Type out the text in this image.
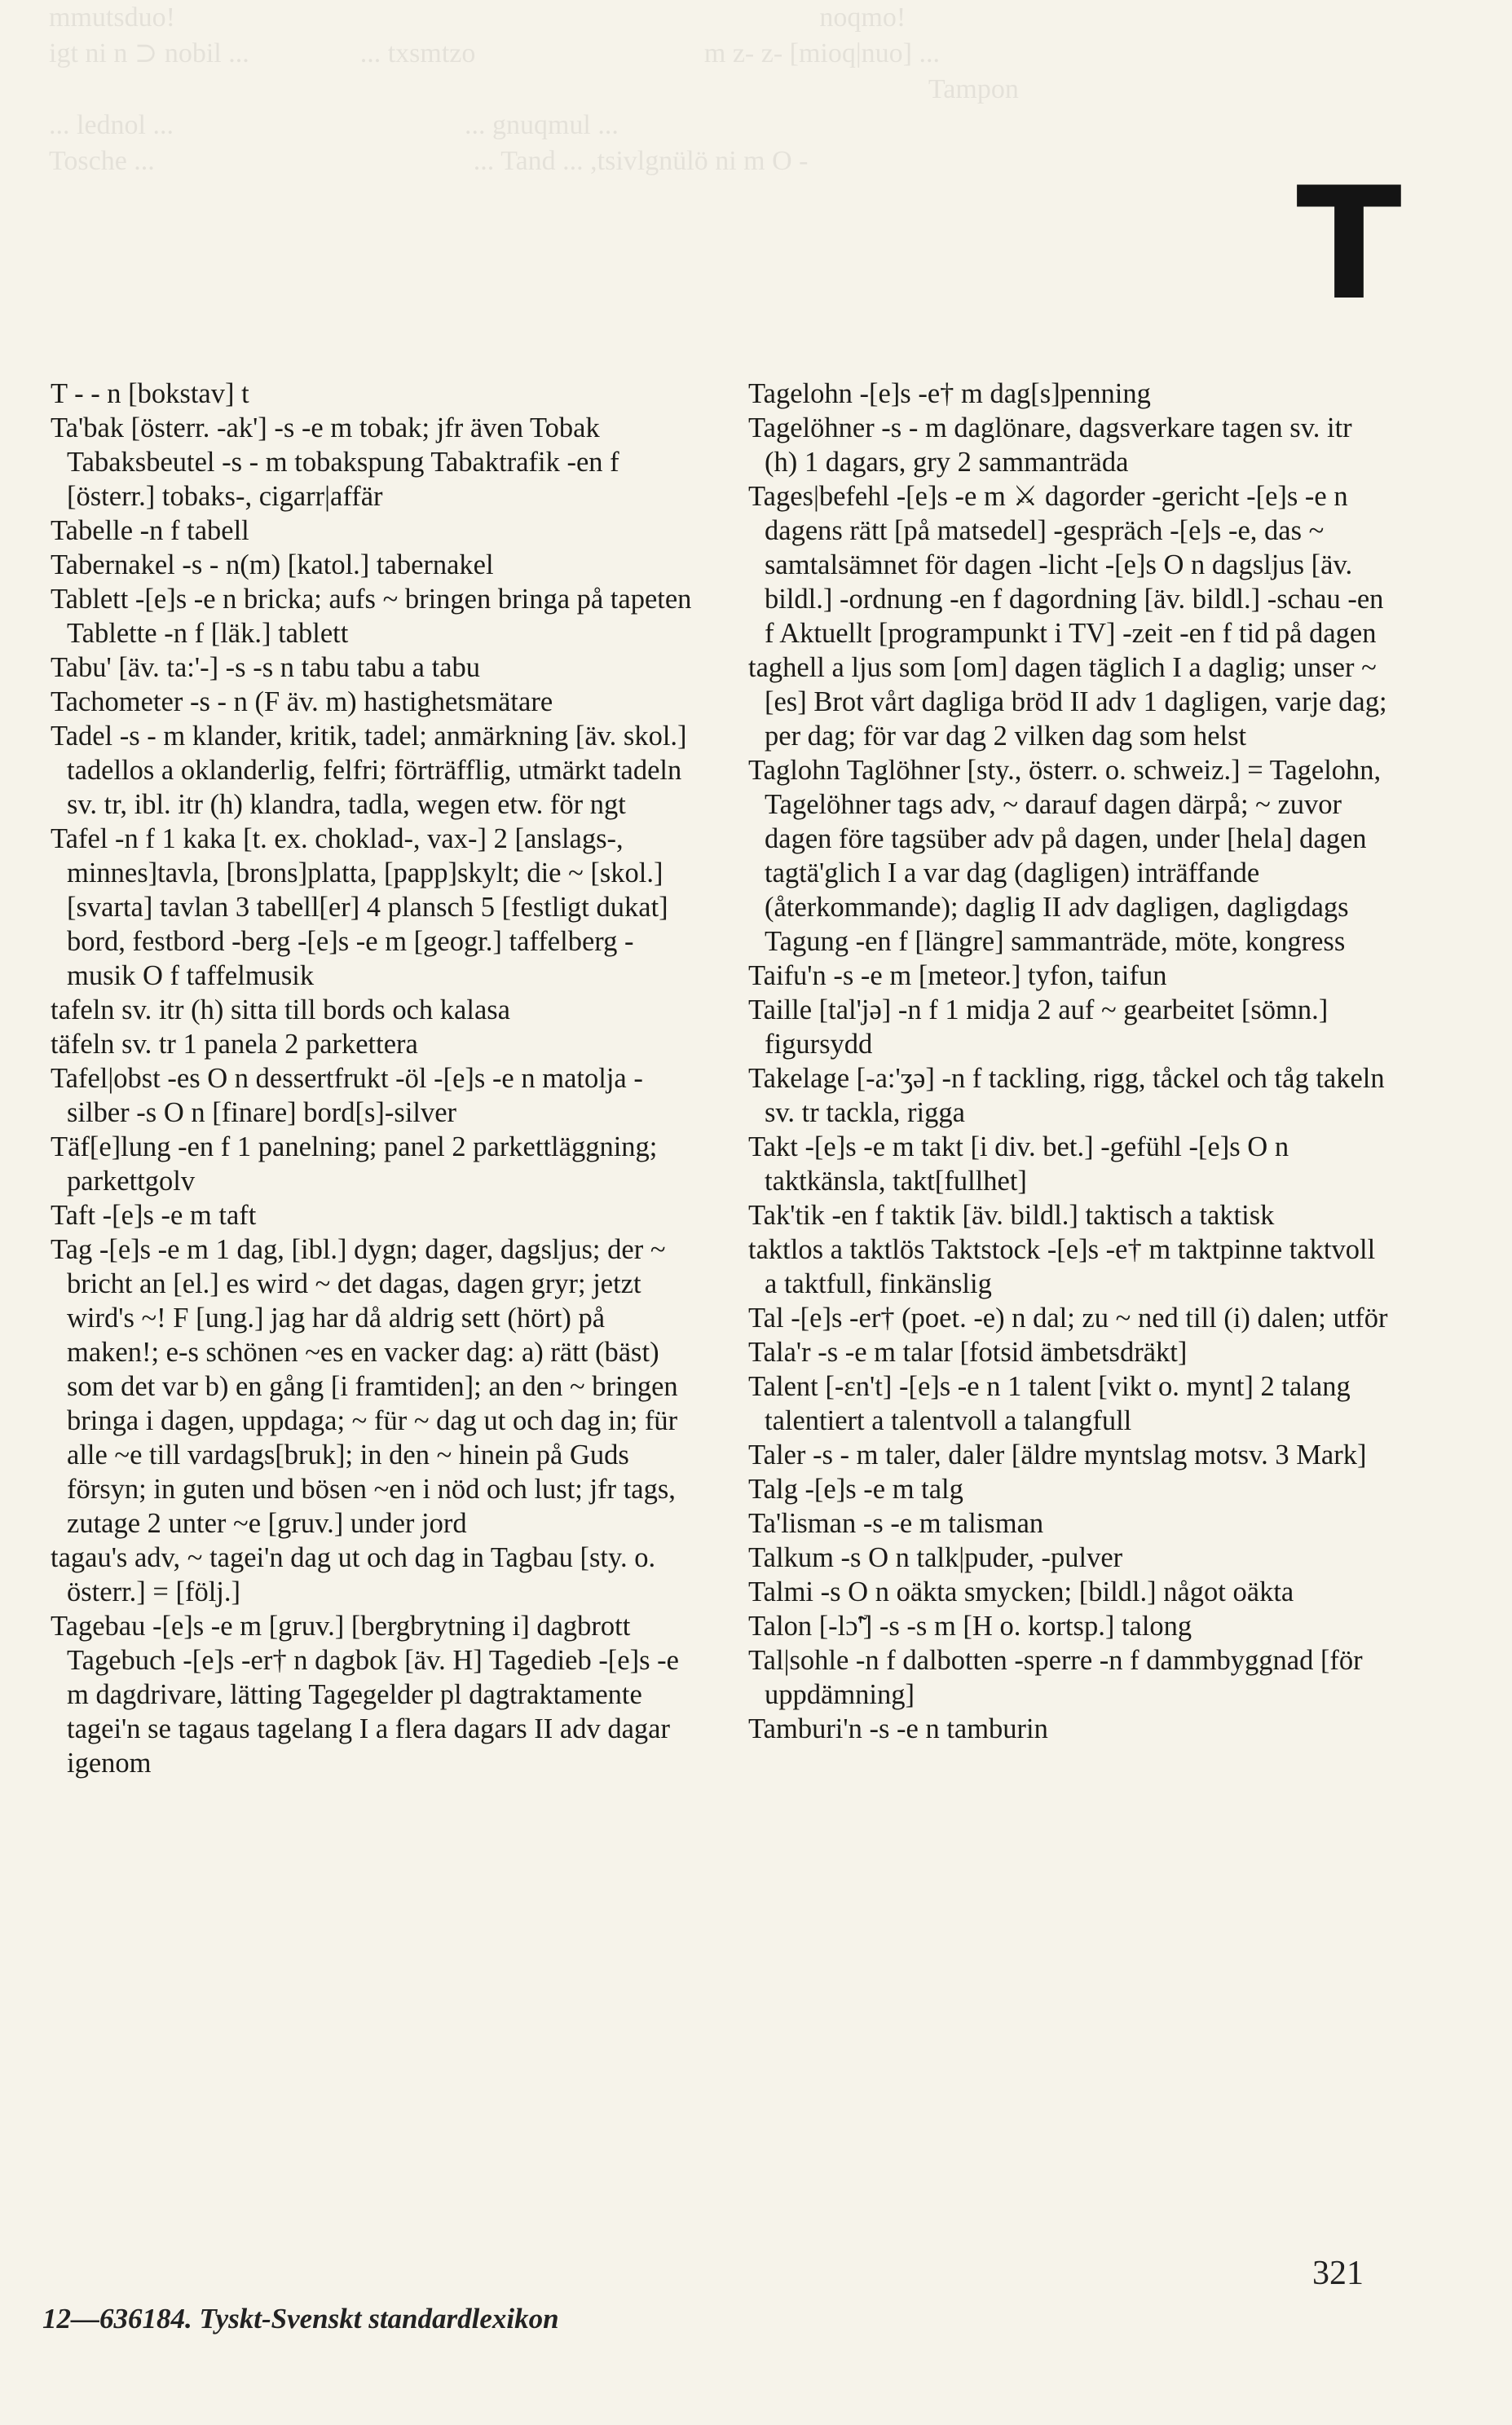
mmutsduo!                                                                                             noqmo!
igt ni n ⊃ nobil ...                ... txsmtzo                                 m z- z- [mioq|nuo] ...
Tampon
... lednol ...                                          ... gnuqmul ...
Tosche ...                                              ... Tand ... ,tsivlgnülö ni m O -	T

T - - n [bokstav] t

Ta'bak [österr. -ak'] -s -e m tobak; jfr även Tobak Tabaksbeutel -s - m tobakspung Tabaktrafik -en f [österr.] tobaks-, cigarr|affär

Tabelle -n f tabell

Tabernakel -s - n(m) [katol.] tabernakel

Tablett -[e]s -e n bricka; aufs ~ bringen bringa på tapeten Tablette -n f [läk.] tablett

Tabu' [äv. ta:'-] -s -s n tabu tabu a tabu

Tachometer -s - n (F äv. m) hastighetsmätare

Tadel -s - m klander, kritik, tadel; anmärkning [äv. skol.] tadellos a oklanderlig, felfri; förträfflig, utmärkt tadeln sv. tr, ibl. itr (h) klandra, tadla, wegen etw. för ngt

Tafel -n f 1 kaka [t. ex. choklad-, vax-] 2 [anslags-, minnes]tavla, [brons]platta, [papp]skylt; die ~ [skol.] [svarta] tavlan 3 tabell[er] 4 plansch 5 [festligt dukat] bord, festbord -berg -[e]s -e m [geogr.] taffelberg -musik O f taffelmusik

tafeln sv. itr (h) sitta till bords och kalasa

täfeln sv. tr 1 panela 2 parkettera

Tafel|obst -es O n dessertfrukt -öl -[e]s -e n matolja -silber -s O n [finare] bord[s]-silver

Täf[e]lung -en f 1 panelning; panel 2 parkettläggning; parkettgolv

Taft -[e]s -e m taft

Tag -[e]s -e m 1 dag, [ibl.] dygn; dager, dagsljus; der ~ bricht an [el.] es wird ~ det dagas, dagen gryr; jetzt wird's ~! F [ung.] jag har då aldrig sett (hört) på maken!; e-s schönen ~es en vacker dag: a) rätt (bäst) som det var b) en gång [i framtiden]; an den ~ bringen bringa i dagen, uppdaga; ~ für ~ dag ut och dag in; für alle ~e till vardags[bruk]; in den ~ hinein på Guds försyn; in guten und bösen ~en i nöd och lust; jfr tags, zutage 2 unter ~e [gruv.] under jord

tagau's adv, ~ tagei'n dag ut och dag in Tagbau [sty. o. österr.] = [följ.]

Tagebau -[e]s -e m [gruv.] [bergbrytning i] dagbrott Tagebuch -[e]s -er† n dagbok [äv. H] Tagedieb -[e]s -e m dagdrivare, lätting Tagegelder pl dagtraktamente tagei'n se tagaus tagelang I a flera dagars II adv dagar igenom

Tagelohn -[e]s -e† m dag[s]penning

Tagelöhner -s - m daglönare, dagsverkare tagen sv. itr (h) 1 dagars, gry 2 sammanträda

Tages|befehl -[e]s -e m ⚔ dagorder -gericht -[e]s -e n dagens rätt [på matsedel] -gespräch -[e]s -e, das ~ samtalsämnet för dagen -licht -[e]s O n dagsljus [äv. bildl.] -ordnung -en f dagordning [äv. bildl.] -schau -en f Aktuellt [programpunkt i TV] -zeit -en f tid på dagen

taghell a ljus som [om] dagen täglich I a daglig; unser ~[es] Brot vårt dagliga bröd II adv 1 dagligen, varje dag; per dag; för var dag 2 vilken dag som helst

Taglohn Taglöhner [sty., österr. o. schweiz.] = Tagelohn, Tagelöhner tags adv, ~ darauf dagen därpå; ~ zuvor dagen före tagsüber adv på dagen, under [hela] dagen tagtä'glich I a var dag (dagligen) inträffande (återkommande); daglig II adv dagligen, dagligdags Tagung -en f [längre] sammanträde, möte, kongress

Taifu'n -s -e m [meteor.] tyfon, taifun

Taille [tal'jə] -n f 1 midja 2 auf ~ gearbeitet [sömn.] figursydd

Takelage [-a:'ʒə] -n f tackling, rigg, tåckel och tåg takeln sv. tr tackla, rigga

Takt -[e]s -e m takt [i div. bet.] -gefühl -[e]s O n taktkänsla, takt[fullhet]

Tak'tik -en f taktik [äv. bildl.] taktisch a taktisk

taktlos a taktlös Taktstock -[e]s -e† m taktpinne taktvoll a taktfull, finkänslig

Tal -[e]s -er† (poet. -e) n dal; zu ~ ned till (i) dalen; utför

Tala'r -s -e m talar [fotsid ämbetsdräkt]

Talent [-ɛn't] -[e]s -e n 1 talent [vikt o. mynt] 2 talang talentiert a talentvoll a talangfull

Taler -s - m taler, daler [äldre myntslag motsv. 3 Mark]

Talg -[e]s -e m talg

Ta'lisman -s -e m talisman

Talkum -s O n talk|puder, -pulver

Talmi -s O n oäkta smycken; [bildl.] något oäkta

Talon [-lɔ̃'] -s -s m [H o. kortsp.] talong

Tal|sohle -n f dalbotten -sperre -n f dammbyggnad [för uppdämning]

Tamburi'n -s -e n tamburin

12—636184. Tyskt-Svenskt standardlexikon
321
